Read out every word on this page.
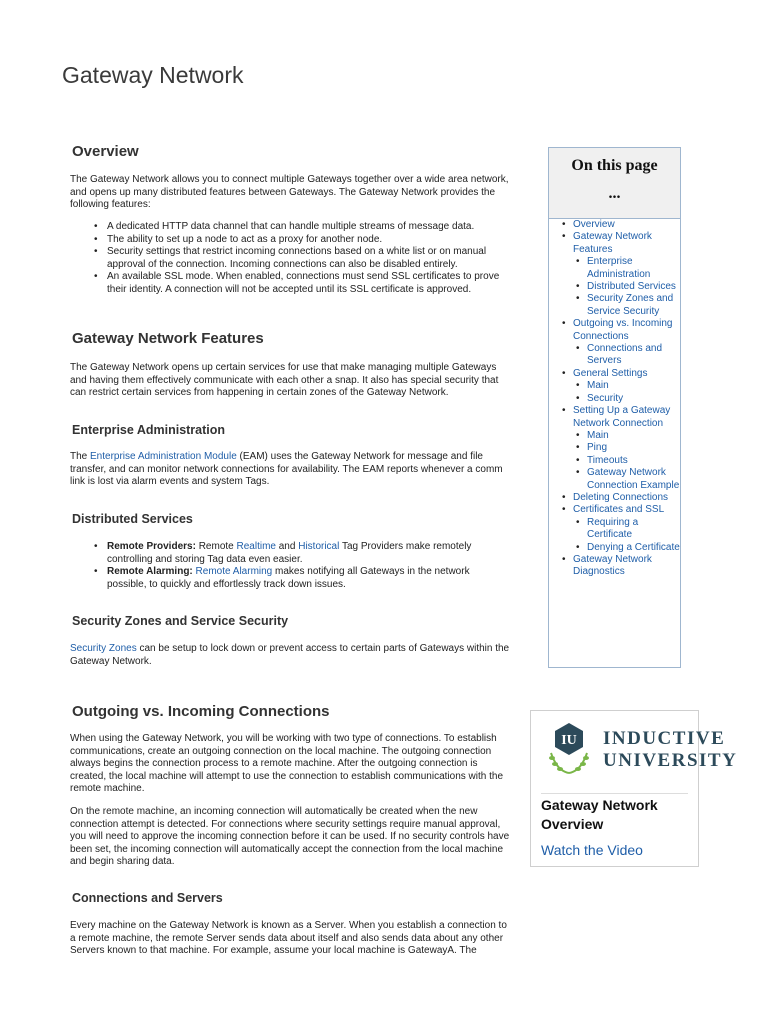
Gateway Network
Overview

The Gateway Network allows you to connect multiple Gateways together over a wide area network, and opens up many distributed features between Gateways. The Gateway Network provides the following features:

• A dedicated HTTP data channel that can handle multiple streams of message data.
• The ability to set up a node to act as a proxy for another node.
• Security settings that restrict incoming connections based on a white list or on manual approval of the connection. Incoming connections can also be disabled entirely.
• An available SSL mode. When enabled, connections must send SSL certificates to prove their identity. A connection will not be accepted until its SSL certificate is approved.
Gateway Network Features

The Gateway Network opens up certain services for use that make managing multiple Gateways and having them effectively communicate with each other a snap. It also has special security that can restrict certain services from happening in certain zones of the Gateway Network.

Enterprise Administration

The Enterprise Administration Module (EAM) uses the Gateway Network for message and file transfer, and can monitor network connections for availability. The EAM reports whenever a comm link is lost via alarm events and system Tags.

Distributed Services
• Remote Providers: Remote Realtime and Historical Tag Providers make remotely controlling and storing Tag data even easier.
• Remote Alarming: Remote Alarming makes notifying all Gateways in the network possible, to quickly and effortlessly track down issues.
Security Zones and Service Security

Security Zones can be setup to lock down or prevent access to certain parts of Gateways within the Gateway Network.

Outgoing vs. Incoming Connections

When using the Gateway Network, you will be working with two type of connections. To establish communications, create an outgoing connection on the local machine. The outgoing connection always begins the connection process to a remote machine. After the outgoing connection is created, the local machine will attempt to use the connection to establish communications with the remote machine.

On the remote machine, an incoming connection will automatically be created when the new connection attempt is detected. For connections where security settings require manual approval, you will need to approve the incoming connection before it can be used. If no security controls have been set, the incoming connection will automatically accept the connection from the local machine and begin sharing data.

Connections and Servers

Every machine on the Gateway Network is known as a Server. When you establish a connection to a remote machine, the remote Server sends data about itself and also sends data about any other Servers known to that machine. For example, assume your local machine is GatewayA. The

On this page
...
• Overview
• Gateway Network Features
• Enterprise Administration
• Distributed Services
• Security Zones and Service Security
• Outgoing vs. Incoming Connections
• Connections and Servers
• General Settings
• Main
• Security
• Setting Up a Gateway Network Connection
• Main
• Ping
• Timeouts
• Gateway Network Connection Example
• Deleting Connections
• Certificates and SSL
• Requiring a Certificate
• Denying a Certificate
• Gateway Network Diagnostics
IU INDUCTIVE
UNIVERSITY
Gateway Network Overview
Watch the Video
